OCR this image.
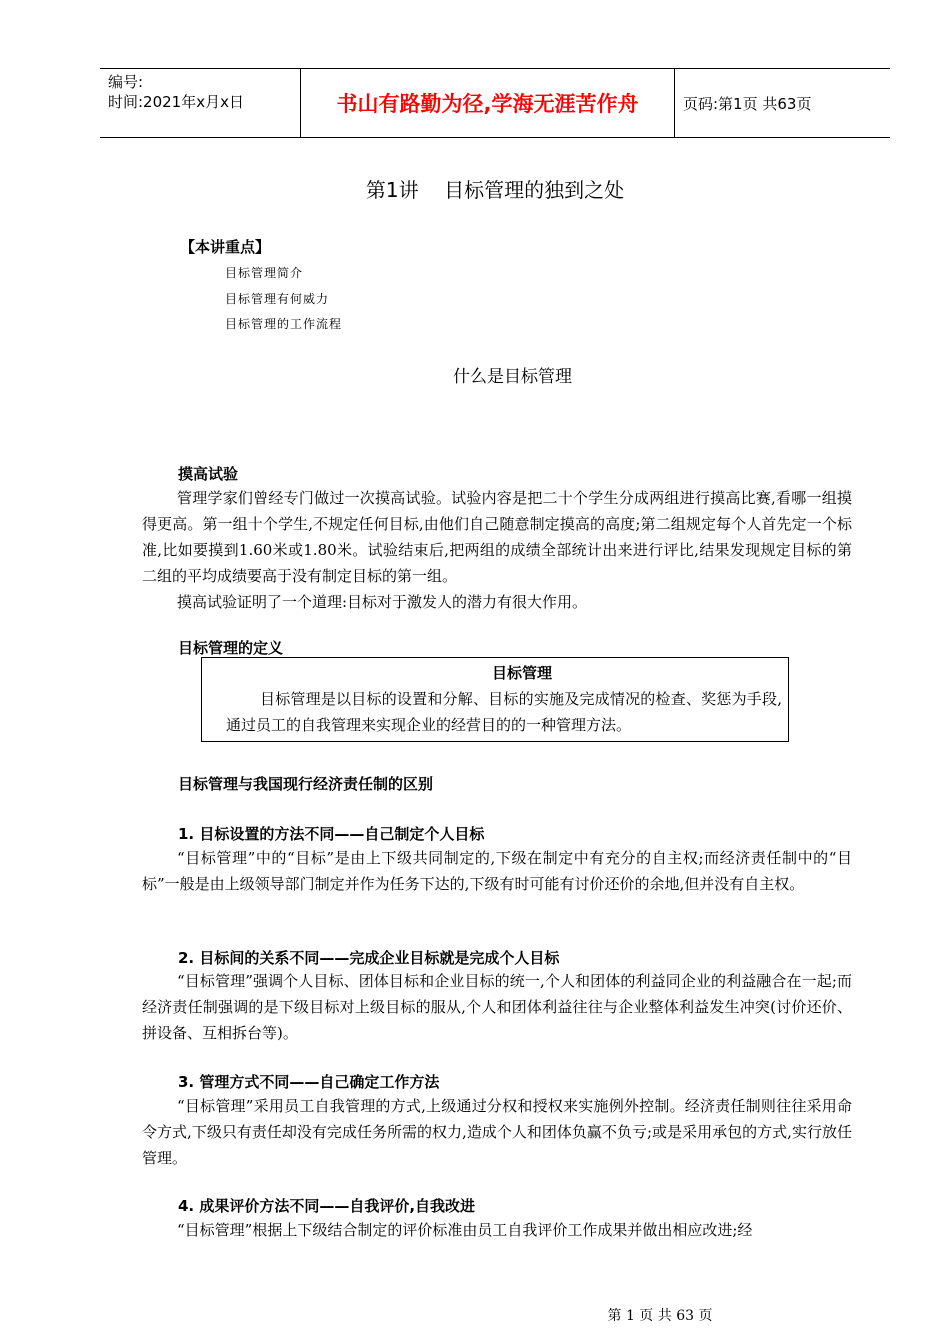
编号:
时间:2021年x月x日	书山有路勤为径,学海无涯苦作舟	页码:第1页 共63页
第1讲    目标管理的独到之处
【本讲重点】
目标管理简介
目标管理有何威力
目标管理的工作流程
什么是目标管理
摸高试验

管理学家们曾经专门做过一次摸高试验。试验内容是把二十个学生分成两组进行摸高比赛,看哪一组摸得更高。第一组十个学生,不规定任何目标,由他们自己随意制定摸高的高度;第二组规定每个人首先定一个标准,比如要摸到1.60米或1.80米。试验结束后,把两组的成绩全部统计出来进行评比,结果发现规定目标的第二组的平均成绩要高于没有制定目标的第一组。

摸高试验证明了一个道理:目标对于激发人的潜力有很大作用。

目标管理的定义
目标管理

目标管理是以目标的设置和分解、目标的实施及完成情况的检查、奖惩为手段,通过员工的自我管理来实现企业的经营目的的一种管理方法。

目标管理与我国现行经济责任制的区别
1. 目标设置的方法不同——自己制定个人目标

“目标管理”中的“目标”是由上下级共同制定的,下级在制定中有充分的自主权;而经济责任制中的“目标”一般是由上级领导部门制定并作为任务下达的,下级有时可能有讨价还价的余地,但并没有自主权。

2. 目标间的关系不同——完成企业目标就是完成个人目标

“目标管理”强调个人目标、团体目标和企业目标的统一,个人和团体的利益同企业的利益融合在一起;而经济责任制强调的是下级目标对上级目标的服从,个人和团体利益往往与企业整体利益发生冲突(讨价还价、拼设备、互相拆台等)。

3. 管理方式不同——自己确定工作方法

“目标管理”采用员工自我管理的方式,上级通过分权和授权来实施例外控制。经济责任制则往往采用命令方式,下级只有责任却没有完成任务所需的权力,造成个人和团体负赢不负亏;或是采用承包的方式,实行放任管理。

4. 成果评价方法不同——自我评价,自我改进

“目标管理”根据上下级结合制定的评价标准由员工自我评价工作成果并做出相应改进;经

第 1 页 共 63 页
